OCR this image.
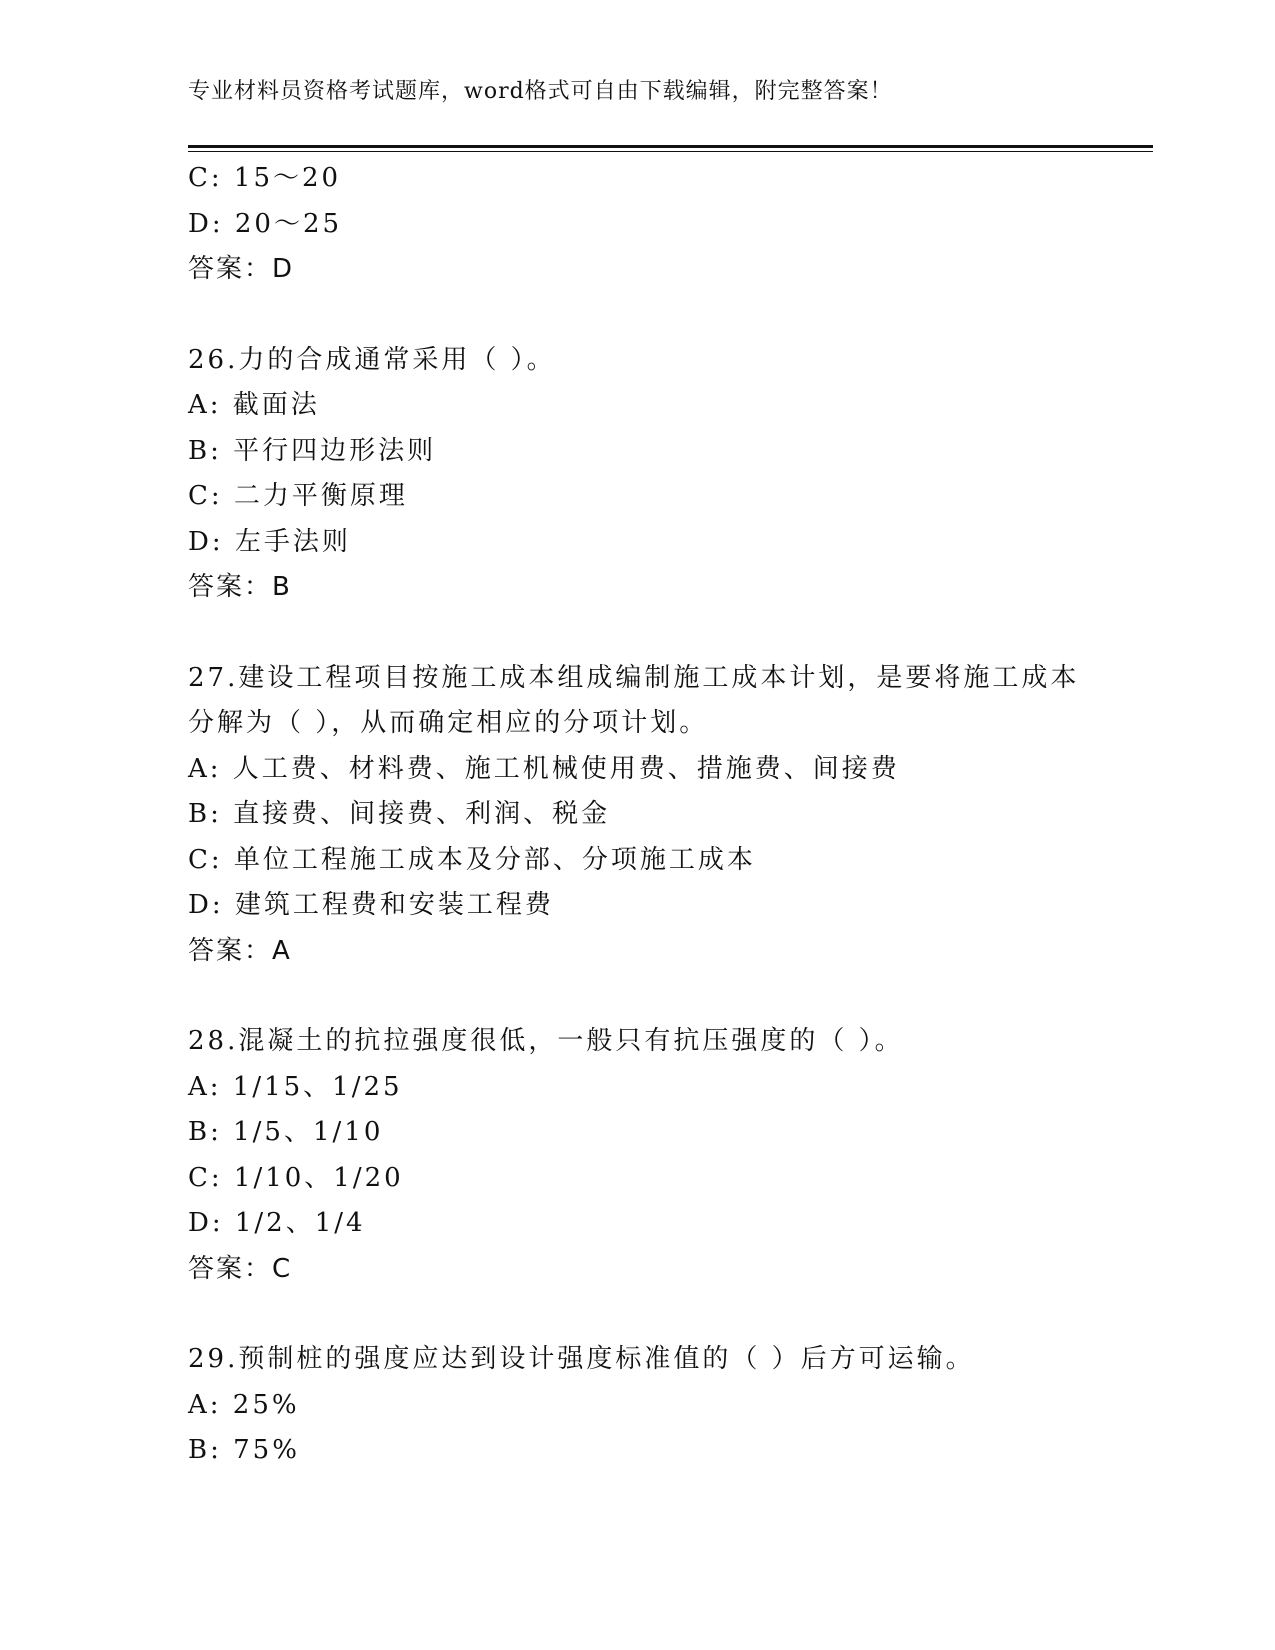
专业材料员资格考试题库，word格式可自由下载编辑，附完整答案！
C: 15～20
D: 20～25
答案：D
26.力的合成通常采用（ ）。
A: 截面法
B: 平行四边形法则
C: 二力平衡原理
D: 左手法则
答案：B
27.建设工程项目按施工成本组成编制施工成本计划，是要将施工成本
分解为（ ），从而确定相应的分项计划。
A: 人工费、材料费、施工机械使用费、措施费、间接费
B: 直接费、间接费、利润、税金
C: 单位工程施工成本及分部、分项施工成本
D: 建筑工程费和安装工程费
答案：A
28.混凝土的抗拉强度很低，一般只有抗压强度的（ ）。
A: 1/15、1/25
B: 1/5、1/10
C: 1/10、1/20
D: 1/2、1/4
答案：C
29.预制桩的强度应达到设计强度标准值的（ ）后方可运输。
A: 25%
B: 75%
